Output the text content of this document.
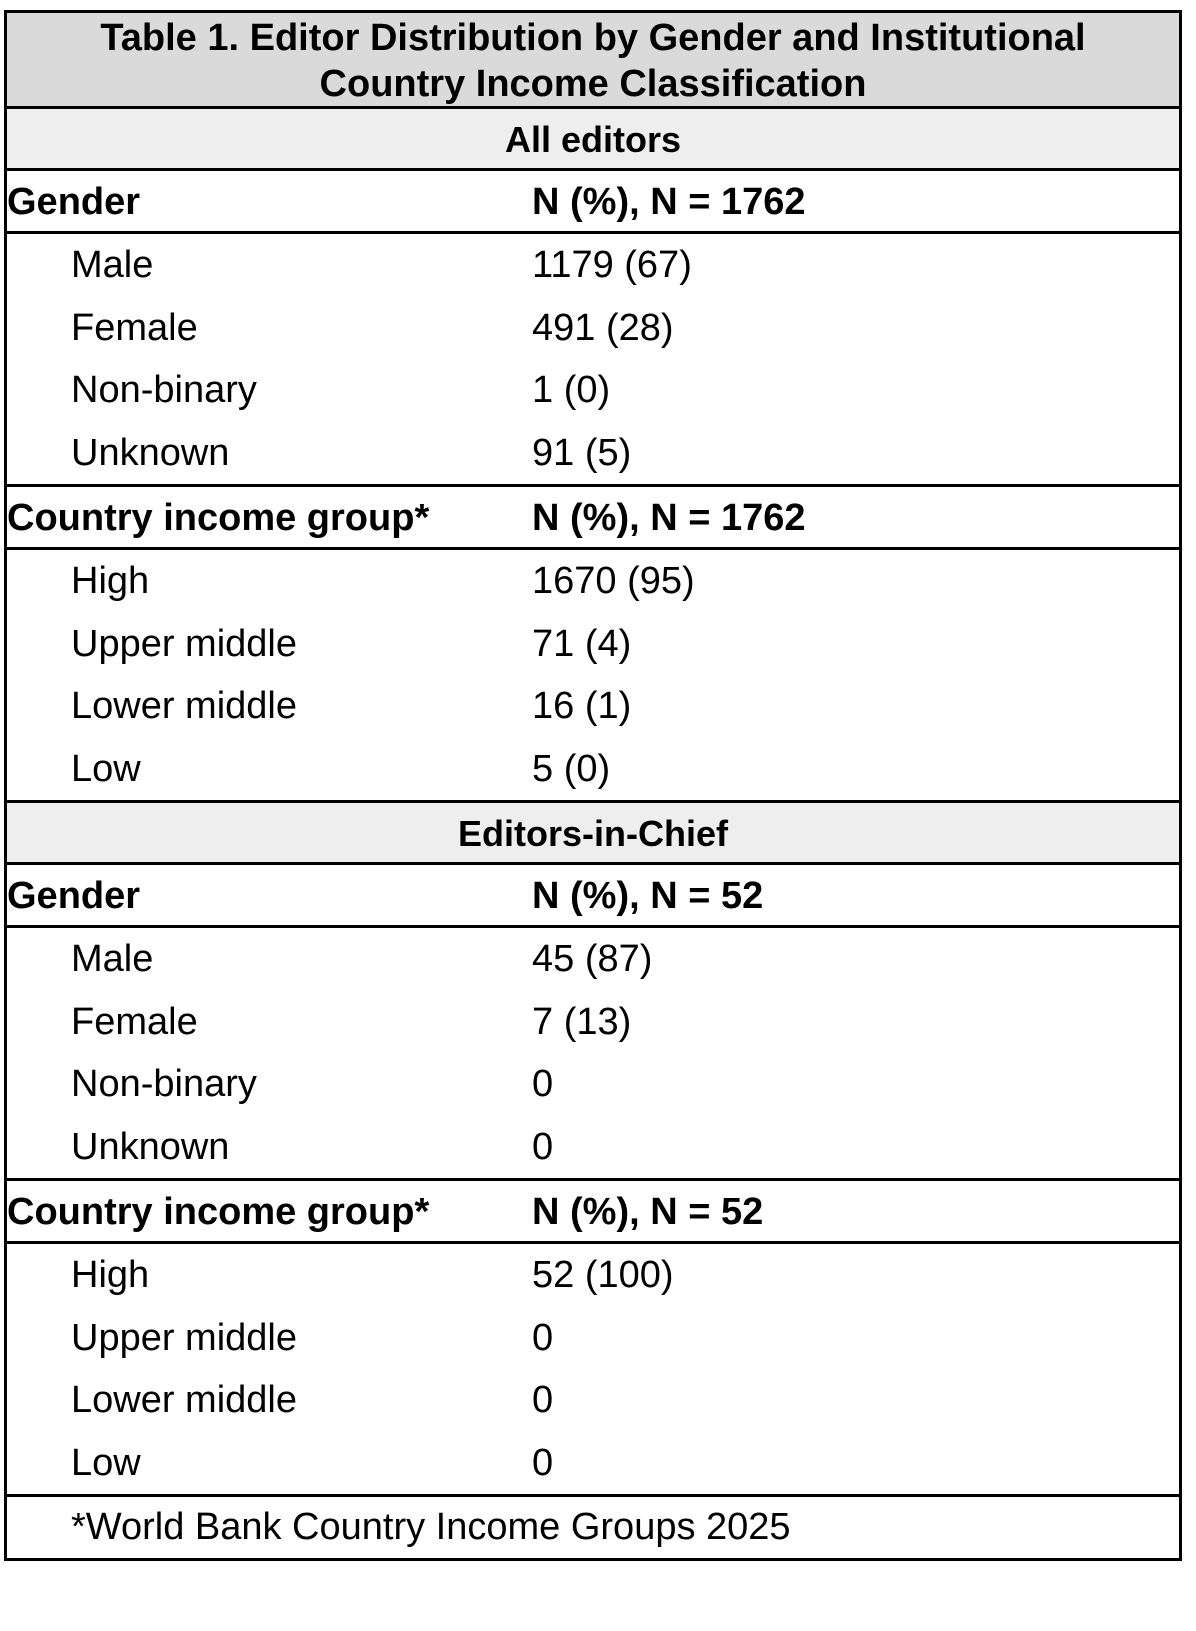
Table 1. Editor Distribution by Gender and Institutional
Country Income Classification
All editors
Gender	N (%), N = 1762
Male	1179 (67)
Female	491 (28)
Non-binary	1 (0)
Unknown	91 (5)
Country income group*	N (%), N = 1762
High	1670 (95)
Upper middle	71 (4)
Lower middle	16 (1)
Low	5 (0)
Editors-in-Chief
Gender	N (%), N = 52
Male	45 (87)
Female	7 (13)
Non-binary	0
Unknown	0
Country income group*	N (%), N = 52
High	52 (100)
Upper middle	0
Lower middle	0
Low	0
*World Bank Country Income Groups 2025
